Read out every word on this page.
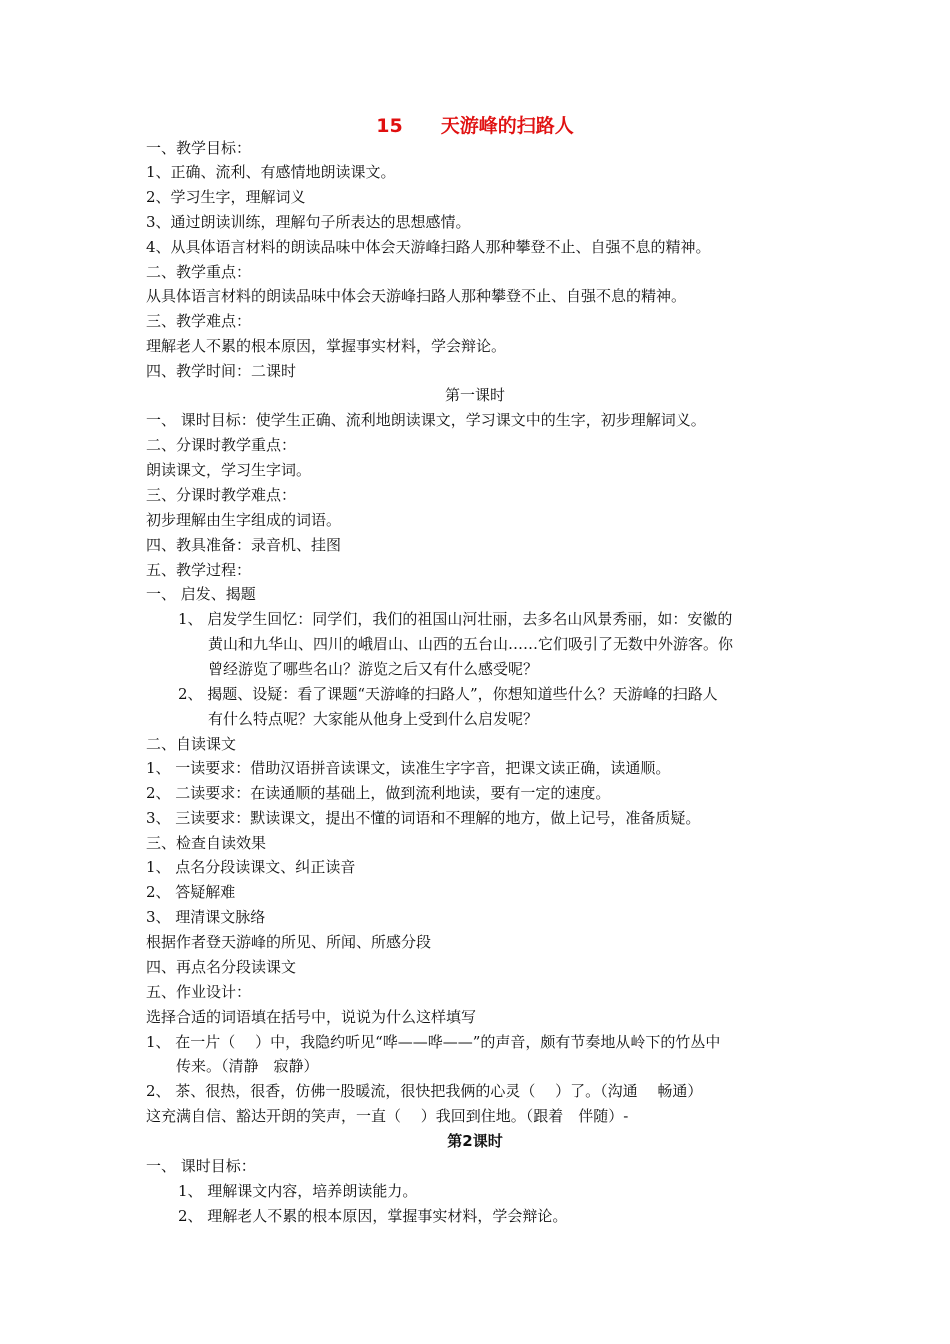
15　　天游峰的扫路人
一、教学目标：
1、正确、流利、有感情地朗读课文。
2、学习生字，理解词义
3、通过朗读训练，理解句子所表达的思想感情。
4、从具体语言材料的朗读品味中体会天游峰扫路人那种攀登不止、自强不息的精神。
二、教学重点：
从具体语言材料的朗读品味中体会天游峰扫路人那种攀登不止、自强不息的精神。
三、教学难点：
理解老人不累的根本原因，掌握事实材料，学会辩论。
四、教学时间：二课时
第一课时
一、 课时目标：使学生正确、流利地朗读课文，学习课文中的生字，初步理解词义。
二、分课时教学重点：
朗读课文，学习生字词。
三、分课时教学难点：
初步理解由生字组成的词语。
四、教具准备：录音机、挂图
五、教学过程：
一、 启发、揭题
1、 启发学生回忆：同学们，我们的祖国山河壮丽，去多名山风景秀丽，如：安徽的
黄山和九华山、四川的峨眉山、山西的五台山……它们吸引了无数中外游客。你
曾经游览了哪些名山？游览之后又有什么感受呢？
2、 揭题、设疑：看了课题“天游峰的扫路人”，你想知道些什么？天游峰的扫路人
有什么特点呢？大家能从他身上受到什么启发呢？
二、自读课文
1、 一读要求：借助汉语拼音读课文，读准生字字音，把课文读正确，读通顺。
2、 二读要求：在读通顺的基础上，做到流利地读，要有一定的速度。
3、 三读要求：默读课文，提出不懂的词语和不理解的地方，做上记号，准备质疑。
三、检查自读效果
1、 点名分段读课文、纠正读音
2、 答疑解难
3、 理清课文脉络
根据作者登天游峰的所见、所闻、所感分段
四、再点名分段读课文
五、作业设计：
选择合适的词语填在括号中，说说为什么这样填写
1、 在一片（　 ）中，我隐约听见“哗——哗——”的声音，颇有节奏地从岭下的竹丛中
传来。（清静　寂静）
2、 茶、很热，很香，仿佛一股暖流，很快把我俩的心灵（　 ）了。（沟通　 畅通）
这充满自信、豁达开朗的笑声，一直（　 ）我回到住地。（跟着　伴随）-
第2课时
一、 课时目标：
1、 理解课文内容，培养朗读能力。
2、 理解老人不累的根本原因，掌握事实材料，学会辩论。
